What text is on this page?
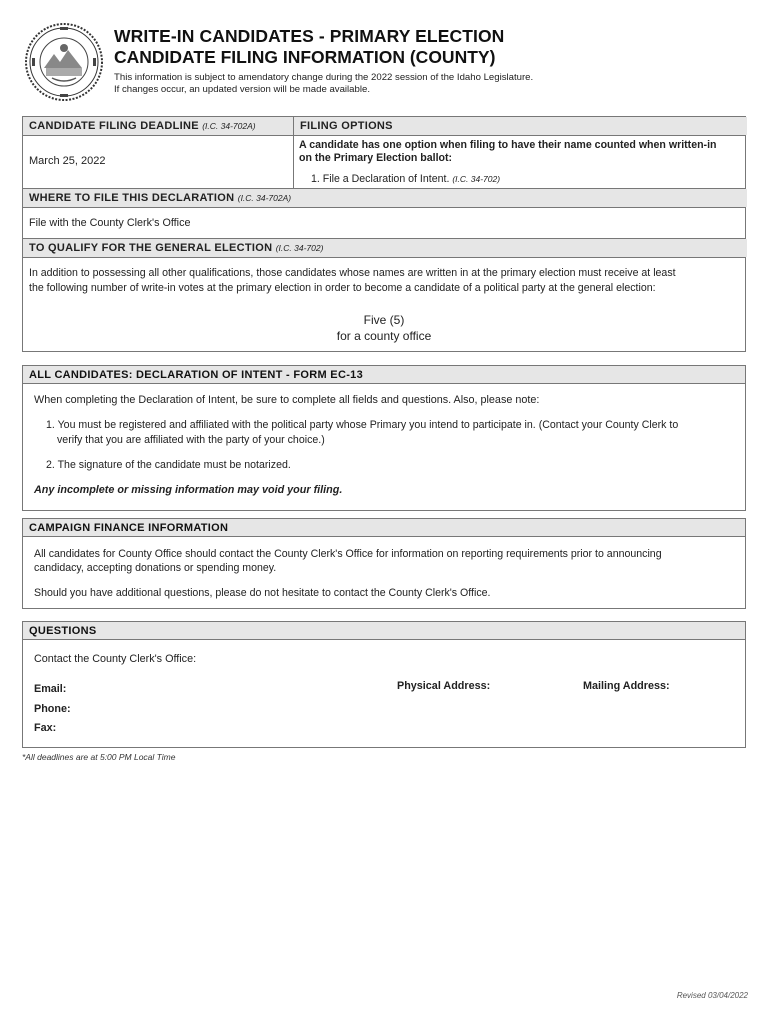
WRITE-IN CANDIDATES - PRIMARY ELECTION
CANDIDATE FILING INFORMATION (COUNTY)
This information is subject to amendatory change during the 2022 session of the Idaho Legislature.
If changes occur, an updated version will be made available.
CANDIDATE FILING DEADLINE (I.C. 34-702A)
March 25, 2022
FILING OPTIONS
A candidate has one option when filing to have their name counted when written-in
on the Primary Election ballot:
1. File a Declaration of Intent. (I.C. 34-702)
WHERE TO FILE THIS DECLARATION (I.C. 34-702A)
File with the County Clerk's Office
TO QUALIFY FOR THE GENERAL ELECTION (I.C. 34-702)
In addition to possessing all other qualifications, those candidates whose names are written in at the primary election must receive at least
the following number of write-in votes at the primary election in order to become a candidate of a political party at the general election:
Five (5)
for a county office
ALL CANDIDATES: DECLARATION OF INTENT - FORM EC-13
When completing the Declaration of Intent, be sure to complete all fields and questions. Also, please note:
1. You must be registered and affiliated with the political party whose Primary you intend to participate in. (Contact your County Clerk to
verify that you are affiliated with the party of your choice.)
2. The signature of the candidate must be notarized.
Any incomplete or missing information may void your filing.
CAMPAIGN FINANCE INFORMATION
All candidates for County Office should contact the County Clerk's Office for information on reporting requirements prior to announcing
candidacy, accepting donations or spending money.
Should you have additional questions, please do not hesitate to contact the County Clerk's Office.
QUESTIONS
Contact the County Clerk's Office:
Email:
Phone:
Fax:
Physical Address:	Mailing Address:
*All deadlines are at 5:00 PM Local Time
Revised 03/04/2022
